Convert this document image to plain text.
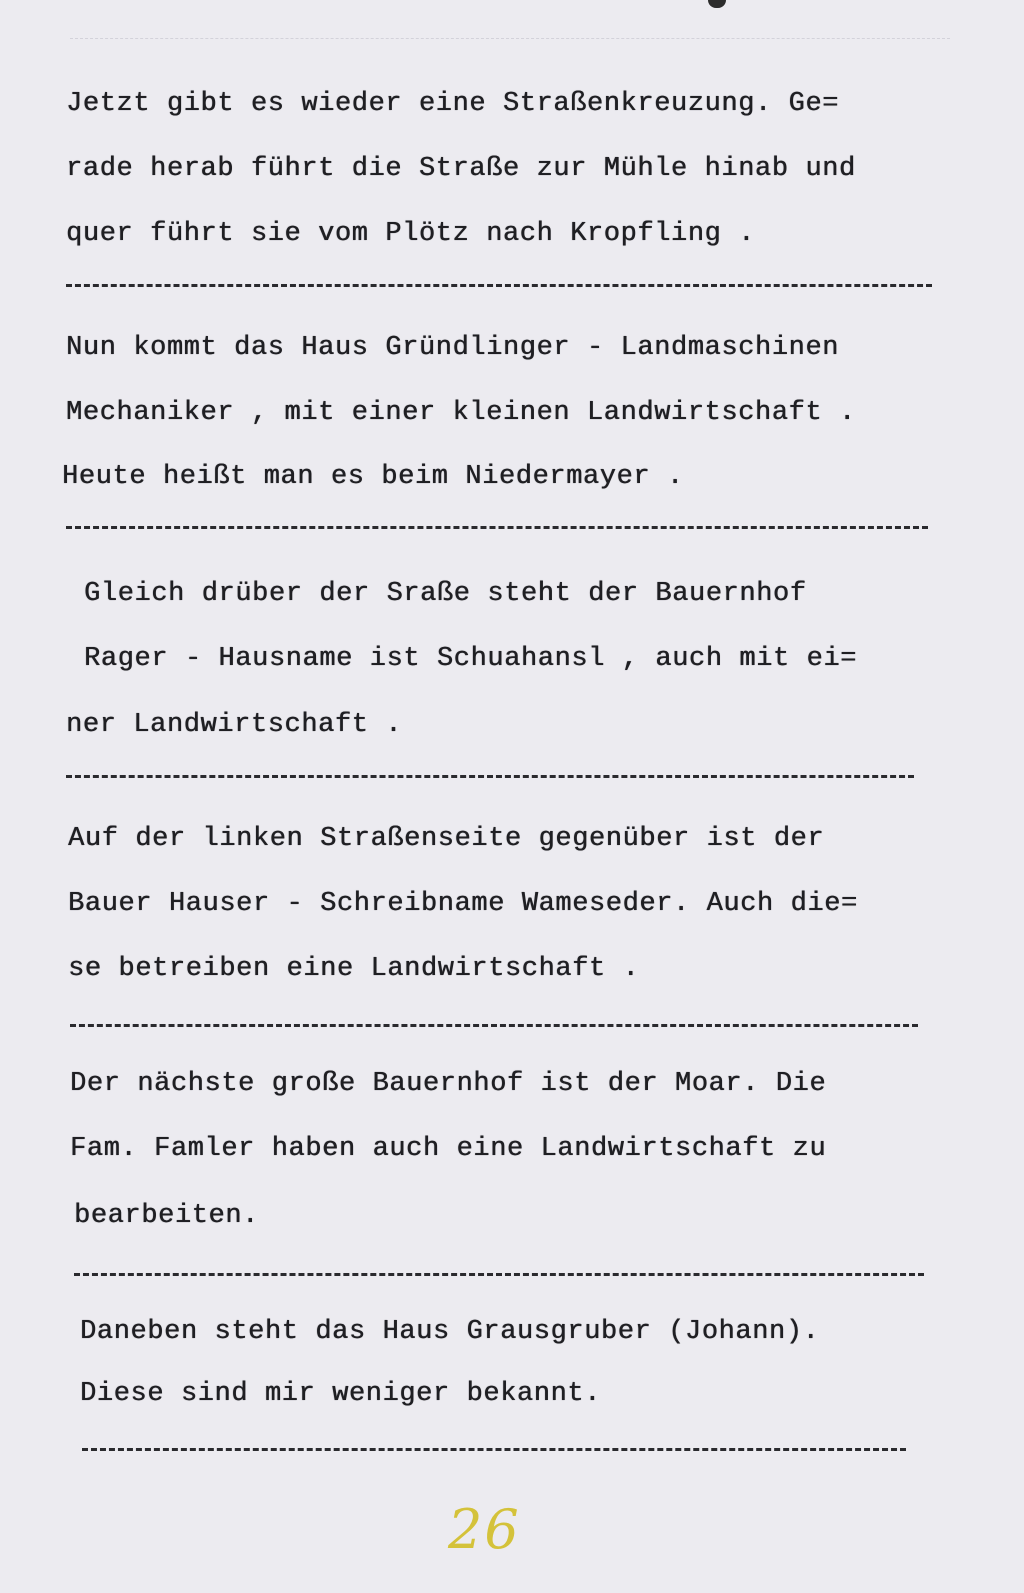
Jetzt gibt es wieder eine Straßenkreuzung. Ge=

rade herab führt die Straße zur Mühle hinab und

quer führt sie vom Plötz nach Kropfling .

Nun kommt das Haus Gründlinger - Landmaschinen

Mechaniker , mit einer kleinen Landwirtschaft .

Heute heißt man es beim Niedermayer .

Gleich drüber der Sraße steht der Bauernhof

Rager - Hausname ist Schuahansl , auch mit ei=

ner Landwirtschaft .

Auf der linken Straßenseite gegenüber ist der

Bauer Hauser - Schreibname Wameseder. Auch die=

se betreiben eine Landwirtschaft .

Der nächste große Bauernhof ist der Moar. Die

Fam. Famler haben auch eine Landwirtschaft zu

bearbeiten.

Daneben steht das Haus Grausgruber (Johann).

Diese sind mir weniger bekannt.

26
